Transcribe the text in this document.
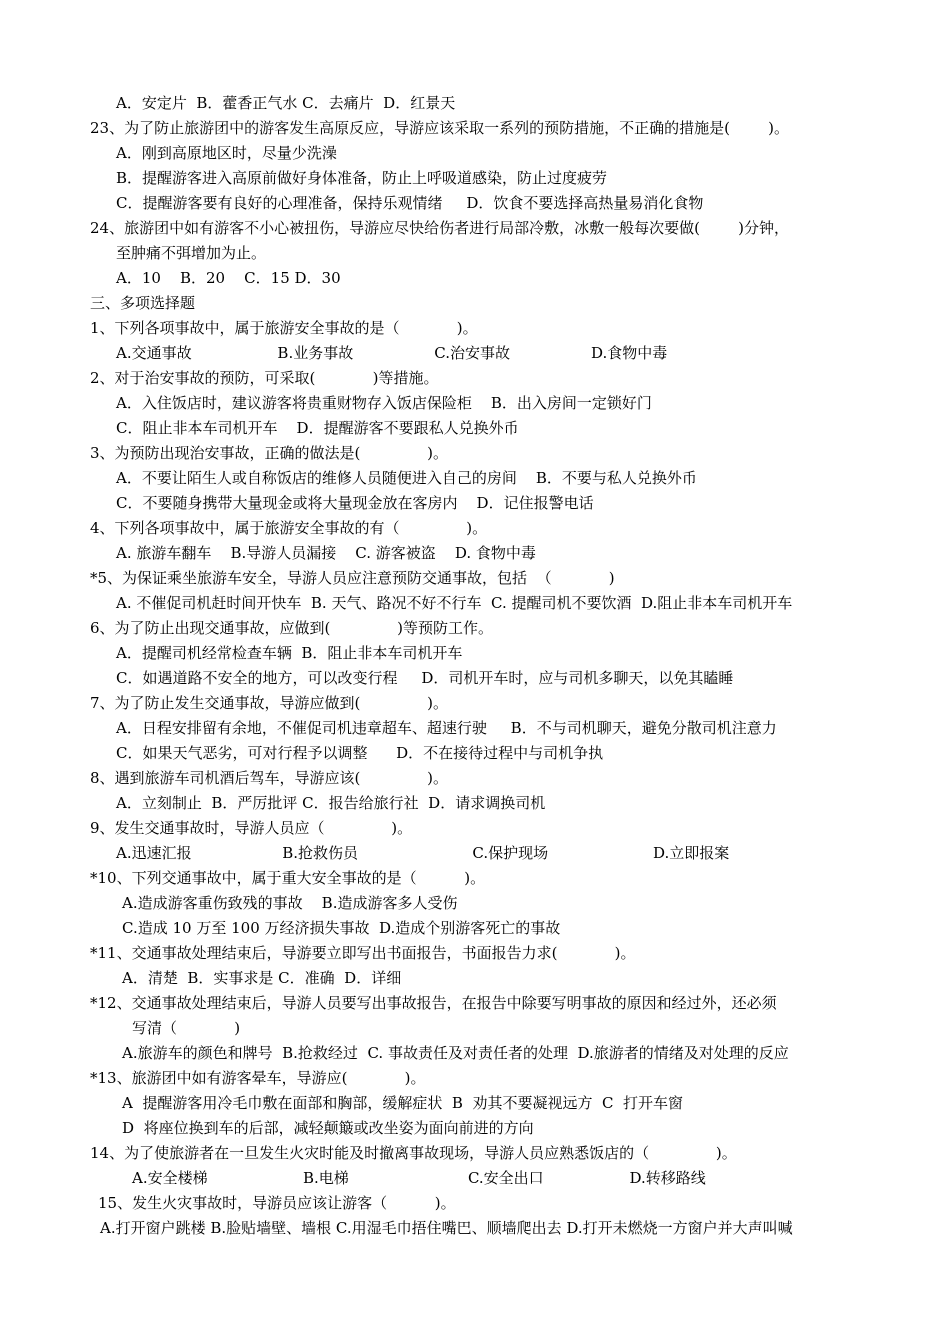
A．安定片  B．藿香正气水 C．去痛片  D．红景天
23、为了防止旅游团中的游客发生高原反应，导游应该采取一系列的预防措施，不正确的措施是(        )。
A．刚到高原地区时，尽量少洗澡
B．提醒游客进入高原前做好身体准备，防止上呼吸道感染，防止过度疲劳
C．提醒游客要有良好的心理准备，保持乐观情绪     D．饮食不要选择高热量易消化食物
24、旅游团中如有游客不小心被扭伤，导游应尽快给伤者进行局部冷敷，冰敷一般每次要做(        )分钟，
至肿痛不弭增加为止。
A．10    B．20    C．15 D．30
三、多项选择题
1、下列各项事故中，属于旅游安全事故的是（            )。
A.交通事故                  B.业务事故                 C.治安事故                 D.食物中毒
2、对于治安事故的预防，可采取(            )等措施。
A．入住饭店时，建议游客将贵重财物存入饭店保险柜    B．出入房间一定锁好门
C．阻止非本车司机开车    D．提醒游客不要跟私人兑换外币
3、为预防出现治安事故，正确的做法是(              )。
A．不要让陌生人或自称饭店的维修人员随便进入自己的房间    B．不要与私人兑换外币
C．不要随身携带大量现金或将大量现金放在客房内    D．记住报警电话
4、下列各项事故中，属于旅游安全事故的有（              )。
A. 旅游车翻车    B.导游人员漏接    C. 游客被盗    D. 食物中毒
*5、为保证乘坐旅游车安全，导游人员应注意预防交通事故，包括  （            )
A. 不催促司机赶时间开快车  B. 天气、路况不好不行车  C. 提醒司机不要饮酒  D.阻止非本车司机开车
6、为了防止出现交通事故，应做到(              )等预防工作。
A．提醒司机经常检查车辆  B．阻止非本车司机开车
C．如遇道路不安全的地方，可以改变行程     D．司机开车时，应与司机多聊天，以免其瞌睡
7、为了防止发生交通事故，导游应做到(              )。
A．日程安排留有余地，不催促司机违章超车、超速行驶     B．不与司机聊天，避免分散司机注意力
C．如果天气恶劣，可对行程予以调整      D．不在接待过程中与司机争执
8、遇到旅游车司机酒后驾车，导游应该(              )。
A．立刻制止  B．严厉批评 C．报告给旅行社  D．请求调换司机
9、发生交通事故时，导游人员应（              )。
A.迅速汇报                   B.抢救伤员                        C.保护现场                      D.立即报案
*10、下列交通事故中，属于重大安全事故的是（          )。
A.造成游客重伤致残的事故    B.造成游客多人受伤
C.造成 10 万至 100 万经济损失事故  D.造成个别游客死亡的事故
*11、交通事故处理结束后，导游要立即写出书面报告，书面报告力求(            )。
A．清楚  B．实事求是 C．准确  D．详细
*12、交通事故处理结束后，导游人员要写出事故报告，在报告中除要写明事故的原因和经过外，还必须
写清（            )
A.旅游车的颜色和牌号  B.抢救经过  C. 事故责任及对责任者的处理  D.旅游者的情绪及对处理的反应
*13、旅游团中如有游客晕车，导游应(            )。
A  提醒游客用冷毛巾敷在面部和胸部，缓解症状  B  劝其不要凝视远方  C  打开车窗
D  将座位换到车的后部，减轻颠簸或改坐姿为面向前进的方向
14、为了使旅游者在一旦发生火灾时能及时撤离事故现场，导游人员应熟悉饭店的（              )。
A.安全楼梯                    B.电梯                         C.安全出口                  D.转移路线
15、发生火灾事故时，导游员应该让游客（          )。
A.打开窗户跳楼 B.脸贴墙壁、墙根 C.用湿毛巾捂住嘴巴、顺墙爬出去 D.打开未燃烧一方窗户并大声叫喊
